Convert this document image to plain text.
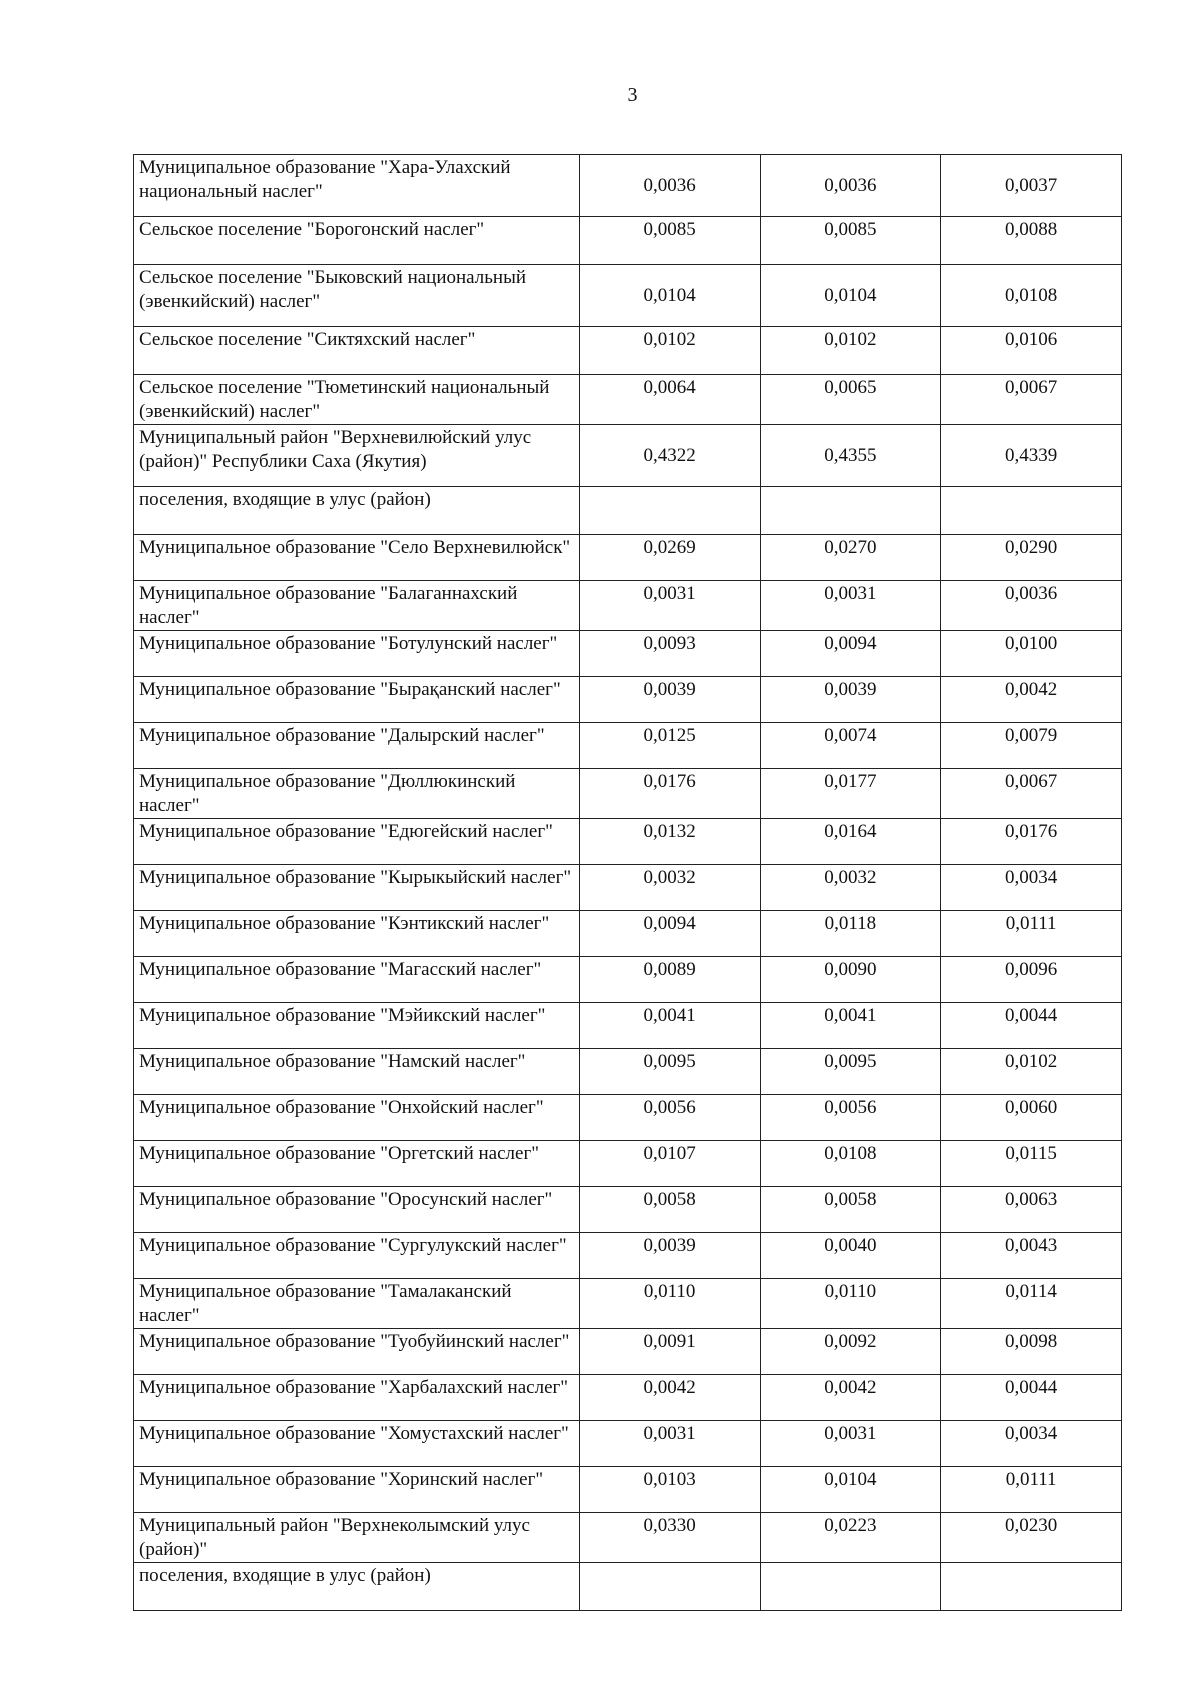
3
Муниципальное образование "Хара-Улахский национальный наслег"	0,0036	0,0036	0,0037
Сельское поселение "Борогонский наслег"	0,0085	0,0085	0,0088
Сельское поселение "Быковский национальный (эвенкийский) наслег"	0,0104	0,0104	0,0108
Сельское поселение "Сиктяхский наслег"	0,0102	0,0102	0,0106
Сельское поселение "Тюметинский национальный (эвенкийский) наслег"	0,0064	0,0065	0,0067
Муниципальный район "Верхневилюйский улус (район)" Республики Саха (Якутия)	0,4322	0,4355	0,4339
поселения, входящие в улус (район)			
Муниципальное образование "Село Верхневилюйск"	0,0269	0,0270	0,0290
Муниципальное образование "Балаганнахский наслег"	0,0031	0,0031	0,0036
Муниципальное образование "Ботулунский наслег"	0,0093	0,0094	0,0100
Муниципальное образование "Бырақанский наслег"	0,0039	0,0039	0,0042
Муниципальное образование "Далырский наслег"	0,0125	0,0074	0,0079
Муниципальное образование "Дюллюкинский наслег"	0,0176	0,0177	0,0067
Муниципальное образование "Едюгейский наслег"	0,0132	0,0164	0,0176
Муниципальное образование "Кырыкыйский наслег"	0,0032	0,0032	0,0034
Муниципальное образование "Кэнтикский наслег"	0,0094	0,0118	0,0111
Муниципальное образование "Магасский наслег"	0,0089	0,0090	0,0096
Муниципальное образование "Мэйикский наслег"	0,0041	0,0041	0,0044
Муниципальное образование "Намский наслег"	0,0095	0,0095	0,0102
Муниципальное образование "Онхойский наслег"	0,0056	0,0056	0,0060
Муниципальное образование "Оргетский наслег"	0,0107	0,0108	0,0115
Муниципальное образование "Оросунский наслег"	0,0058	0,0058	0,0063
Муниципальное образование "Сургулукский наслег"	0,0039	0,0040	0,0043
Муниципальное образование "Тамалаканский наслег"	0,0110	0,0110	0,0114
Муниципальное образование "Туобуйинский наслег"	0,0091	0,0092	0,0098
Муниципальное образование "Харбалахский наслег"	0,0042	0,0042	0,0044
Муниципальное образование "Хомустахский наслег"	0,0031	0,0031	0,0034
Муниципальное образование "Хоринский наслег"	0,0103	0,0104	0,0111
Муниципальный район "Верхнеколымский улус (район)"	0,0330	0,0223	0,0230
поселения, входящие в улус (район)			
